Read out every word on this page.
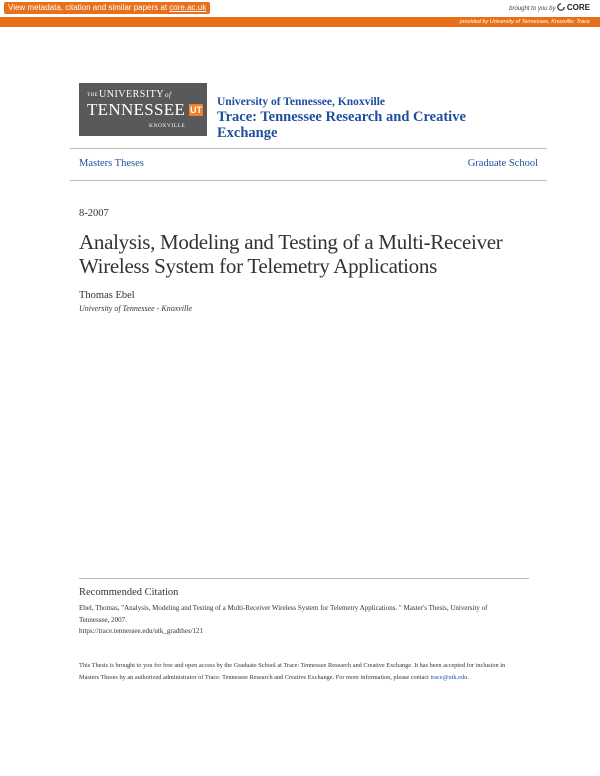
View metadata, citation and similar papers at core.ac.uk	brought to you by CORE
provided by University of Tennessee, Knoxville: Trace
THE UNIVERSITYof
TENNESSEE UT
KNOXVILLE
University of Tennessee, Knoxville
Trace: Tennessee Research and Creative Exchange
Masters Theses	Graduate School
8-2007
Analysis, Modeling and Testing of a Multi-Receiver Wireless System for Telemetry Applications
Thomas Ebel
University of Tennessee - Knoxville
Recommended Citation
Ebel, Thomas, "Analysis, Modeling and Testing of a Multi-Receiver Wireless System for Telemetry Applications. " Master's Thesis, University of Tennessee, 2007.
https://trace.tennessee.edu/utk_gradthes/121
This Thesis is brought to you for free and open access by the Graduate School at Trace: Tennessee Research and Creative Exchange. It has been accepted for inclusion in Masters Theses by an authorized administrator of Trace: Tennessee Research and Creative Exchange. For more information, please contact trace@utk.edu.
